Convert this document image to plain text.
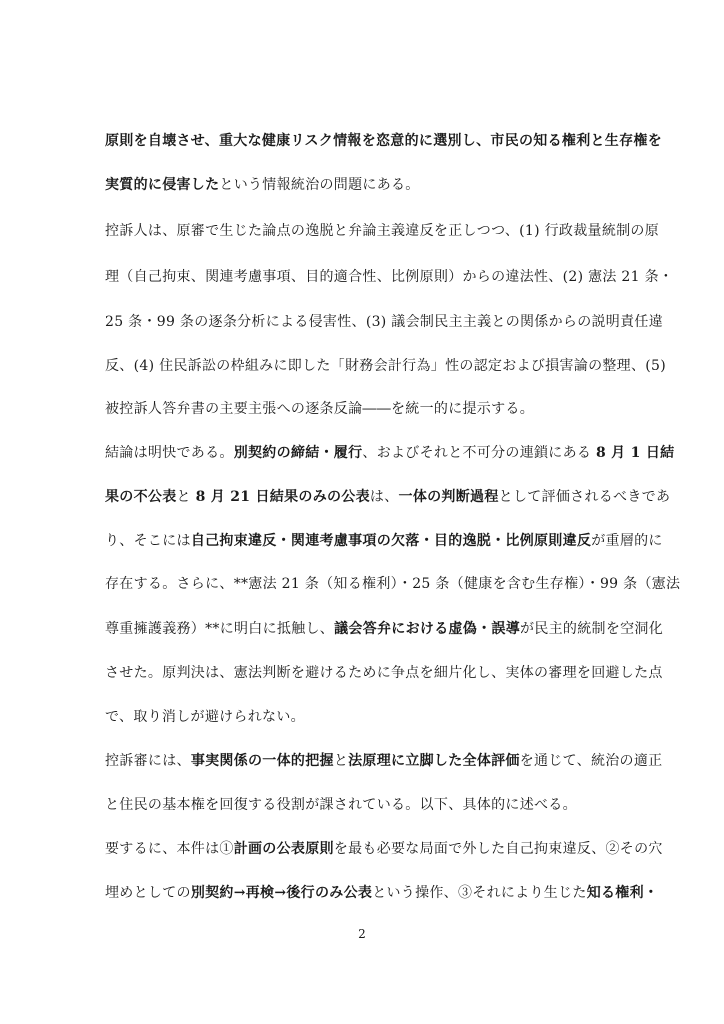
原則を自壊させ、重大な健康リスク情報を恣意的に選別し、市民の知る権利と生存権を
実質的に侵害したという情報統治の問題にある。
控訴人は、原審で生じた論点の逸脱と弁論主義違反を正しつつ、(1) 行政裁量統制の原
理（自己拘束、関連考慮事項、目的適合性、比例原則）からの違法性、(2) 憲法 21 条・
25 条・99 条の逐条分析による侵害性、(3) 議会制民主主義との関係からの説明責任違
反、(4) 住民訴訟の枠組みに即した「財務会計行為」性の認定および損害論の整理、(5)
被控訴人答弁書の主要主張への逐条反論――を統一的に提示する。
結論は明快である。別契約の締結・履行、およびそれと不可分の連鎖にある 8 月 1 日結
果の不公表と 8 月 21 日結果のみの公表は、一体の判断過程として評価されるべきであ
り、そこには自己拘束違反・関連考慮事項の欠落・目的逸脱・比例原則違反が重層的に
存在する。さらに、**憲法 21 条（知る権利）・25 条（健康を含む生存権）・99 条（憲法
尊重擁護義務）**に明白に抵触し、議会答弁における虚偽・誤導が民主的統制を空洞化
させた。原判決は、憲法判断を避けるために争点を細片化し、実体の審理を回避した点
で、取り消しが避けられない。
控訴審には、事実関係の一体的把握と法原理に立脚した全体評価を通じて、統治の適正
と住民の基本権を回復する役割が課されている。以下、具体的に述べる。
要するに、本件は①計画の公表原則を最も必要な局面で外した自己拘束違反、②その穴
埋めとしての別契約→再検→後行のみ公表という操作、③それにより生じた知る権利・
2
